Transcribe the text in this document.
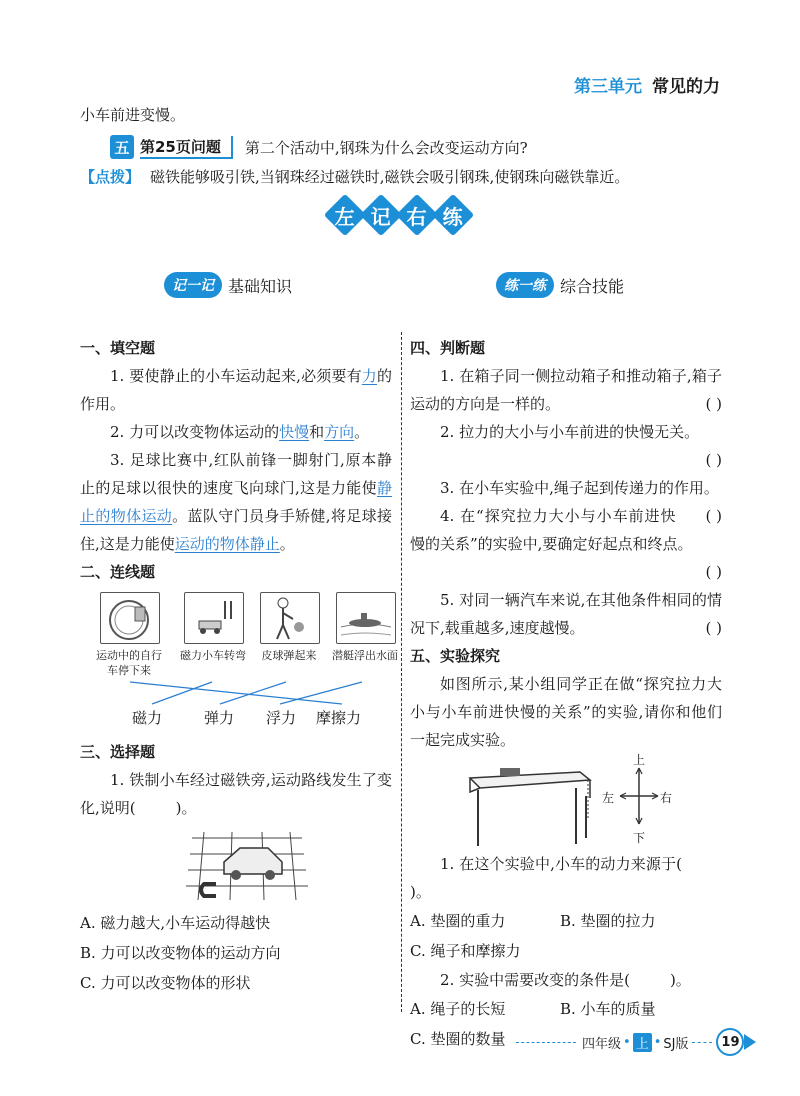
第三单元 常见的力
小车前进变慢。
五 第25页问题	第二个活动中,钢珠为什么会改变运动方向?
【点拨】 磁铁能够吸引铁,当钢珠经过磁铁时,磁铁会吸引钢珠,使钢珠向磁铁靠近。
左 记 右 练
记一记 基础知识	练一练 综合技能
一、填空题
1. 要使静止的小车运动起来,必须要有力的作用。
2. 力可以改变物体运动的快慢和方向。
3. 足球比赛中,红队前锋一脚射门,原本静止的足球以很快的速度飞向球门,这是力能使静止的物体运动。蓝队守门员身手矫健,将足球接住,这是力能使运动的物体静止。
二、连线题
运动中的自行车停下来
磁力小车转弯	皮球弹起来	潜艇浮出水面
磁力	弹力 浮力 摩擦力
三、选择题
1. 铁制小车经过磁铁旁,运动路线发生了变化,说明(	)。
A. 磁力越大,小车运动得越快
B. 力可以改变物体的运动方向
C. 力可以改变物体的形状
四、判断题
1. 在箱子同一侧拉动箱子和推动箱子,箱子运动的方向是一样的。	( )
2. 拉力的大小与小车前进的快慢无关。
( )
3. 在小车实验中,绳子起到传递力的作用。
( )
4. 在“探究拉力大小与小车前进快慢的关系”的实验中,要确定好起点和终点。
( )
5. 对同一辆汽车来说,在其他条件相同的情况下,载重越多,速度越慢。	( )
五、实验探究
如图所示,某小组同学正在做“探究拉力大小与小车前进快慢的关系”的实验,请你和他们一起完成实验。
上
下
左	右
1. 在这个实验中,小车的动力来源于()。
A. 垫圈的重力	B. 垫圈的拉力
C. 绳子和摩擦力
2. 实验中需要改变的条件是(	)。
A. 绳子的长短	B. 小车的质量
C. 垫圈的数量	四年级 • 上 • SJ版	19
